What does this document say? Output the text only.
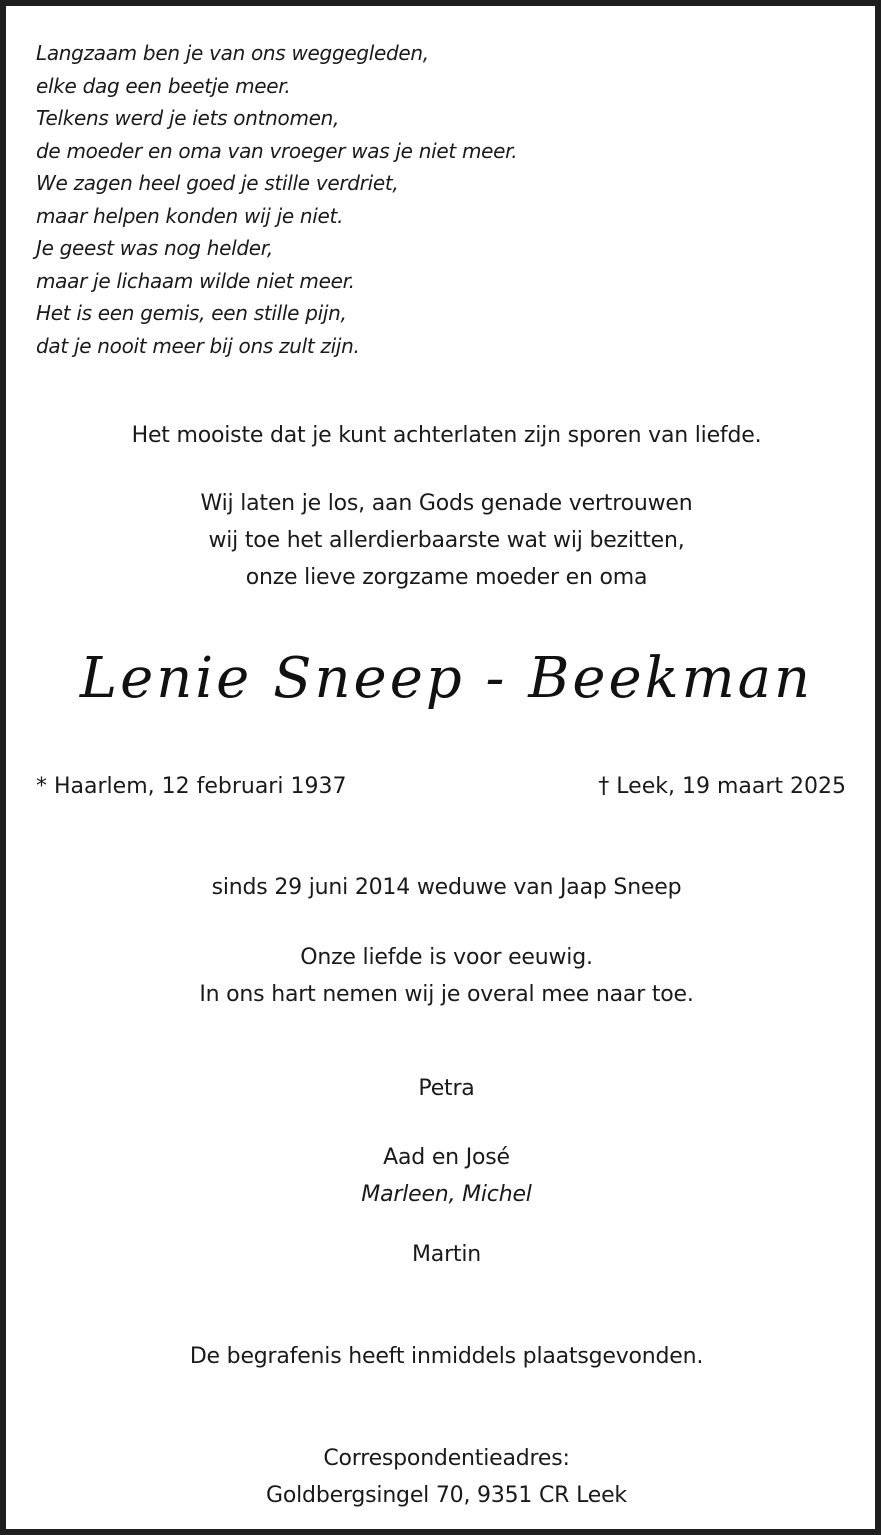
Langzaam ben je van ons weggegleden,
elke dag een beetje meer.
Telkens werd je iets ontnomen,
de moeder en oma van vroeger was je niet meer.
We zagen heel goed je stille verdriet,
maar helpen konden wij je niet.
Je geest was nog helder,
maar je lichaam wilde niet meer.
Het is een gemis, een stille pijn,
dat je nooit meer bij ons zult zijn.
Het mooiste dat je kunt achterlaten zijn sporen van liefde.
Wij laten je los, aan Gods genade vertrouwen
wij toe het allerdierbaarste wat wij bezitten,
onze lieve zorgzame moeder en oma
Lenie Sneep - Beekman
* Haarlem, 12 februari 1937	† Leek, 19 maart 2025
sinds 29 juni 2014 weduwe van Jaap Sneep
Onze liefde is voor eeuwig.
In ons hart nemen wij je overal mee naar toe.
Petra
Aad en José
Marleen, Michel
Martin
De begrafenis heeft inmiddels plaatsgevonden.
Correspondentieadres:
Goldbergsingel 70, 9351 CR Leek
